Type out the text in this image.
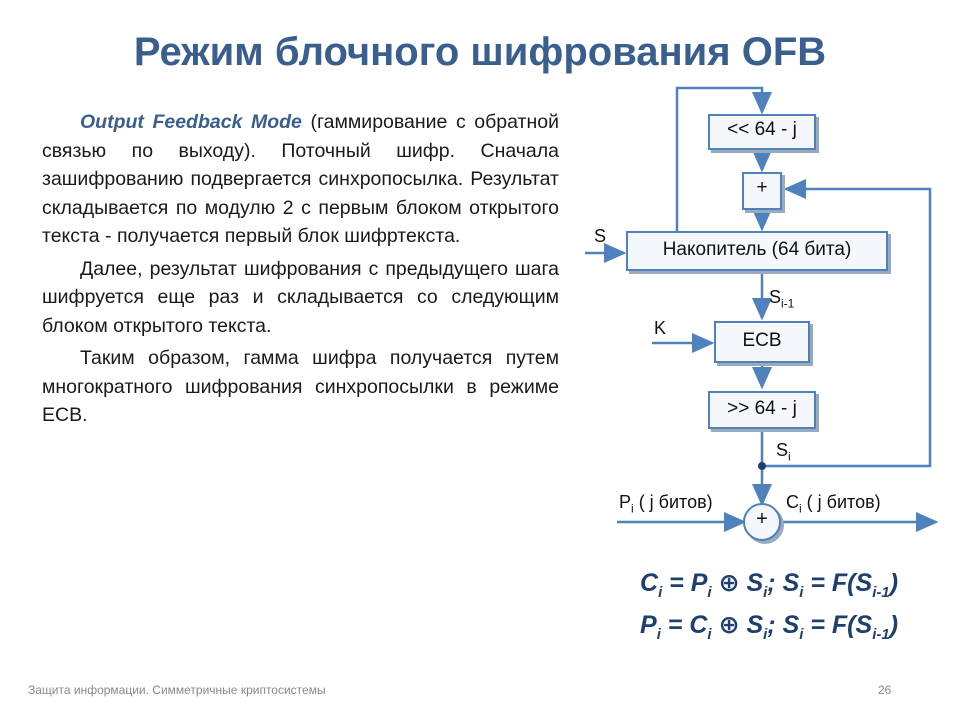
Режим блочного шифрования OFB

Output Feedback Mode (гаммирование с обратной связью по выходу). Поточный шифр. Сначала зашифрованию подвергается синхропосылка. Результат складывается по модулю 2 с первым блоком открытого текста - получается первый блок шифртекста.

Далее, результат шифрования с предыдущего шага шифруется еще раз и складывается со следующим блоком открытого текста.

Таким образом, гамма шифра получается путем многократного шифрования синхропосылки в режиме ECB.

<< 64 - j
+
Накопитель (64 бита)
ECB
>> 64 - j
+
S
$S_{i-1}$
K
$S_i$
$P_i$ ( j битов)	$C_i$ ( j битов)
$C_i = P_i$ ⊕ $S_i$; $S_i = F(S_{i-1})$
$P_i = C_i$ ⊕ $S_i$; $S_i = F(S_{i-1})$
Защита информации. Симметричные криптосистемы	26
